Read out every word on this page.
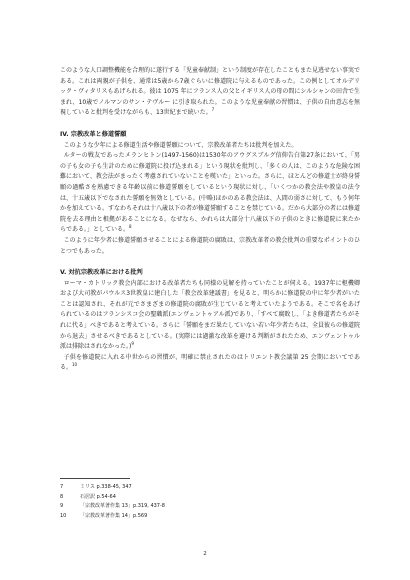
このような人口調整機能を合理的に遂行する「児童奉献制」という制度が存在したこともまた見逃せない事実である。これは両親が子供を、通常は5歳から7歳ぐらいに修道院に与えるものであった。この例としてオルデリック・ヴィタリスもあげられる。彼は 1075 年にフランス人の父とイギリス人の母の間にシルシャンの田舎で生まれ、10歳でノルマンのサン・テヴルー に引き取られた。このような児童奉献の習慣は、子供の自由意志を無視していると批判を受けながらも、13世紀まで続いた。$^7$

IV. 宗教改革と修道誓願

このような少年による修道生活や修道誓願について、宗教改革者たちは批判を加えた。

ルターの戦友であったメランヒトン(1497-1560)は1530年のアウグスブルグ信仰告白第27条において、「男の子も女の子も生計のために修道院に投げ込まれる」という現状を批判し、「多くの人は、このような危険な困難において、教会法がまったく考慮されていないことを嘆いた」といった。さらに、ほとんどの修道士が終身誓願の過酷さを熟慮できる年齢以前に修道誓願をしているという現状に対し、「いくつかの教会法や教皇の法令は、十五歳以下でなされた誓願を無効としている。(中略)ほかのある教会法は、人間の弱さに対して、もう何年かを加えている。すなわちそれは十八歳以下の者が修道誓願することを禁じている。だから大部分の者には修道院を去る理由と根拠があることになる。なぜなら、かれらは大部分十八歳以下の子供のときに修道院に来たからである。」としている。$^8$

このように年少者に修道誓願させることによる修道院の腐敗は、宗教改革者の教会批判の重要なポイントのひとつでもあった。

V. 対抗宗教改革における批判

ローマ・カトリック教会内部における改革者たちも同様の見解を持っていたことが伺える。1937年に枢機卿および大司教がパウルス3世教皇に建白した「教会改革建議書」を見ると、明らかに修道院の中に年少者がいたことは認知され、それが元でさまざまの修道院の腐敗が生じていると考えていたようである。そこで名をあげられているのはフランシスコ会の聖職派(エンヴェントゥアル派)であり、「すべて腐敗し、「よき修道者たちがそれに代る」べきであると考えている。さらに「誓願をまだ果たしていない若い年少者たちは、全員彼らの修道院から退去」させるべきであるとしている。(実際には過激な改革を避ける判断がされたため、エンヴェントゥル派は排除はされなかった。)$^9$

子供を修道院に入れる中世からの習慣が、明確に禁止されたのはトリエント教会議第 25 会期においてである。$^{10}$

7	ミリス p.338-45, 347
8	石居訳 p.54-64
9	「宗教改革著作集 13」p.319, 437-8
10	「宗教改革著作集 14」p.569
2
